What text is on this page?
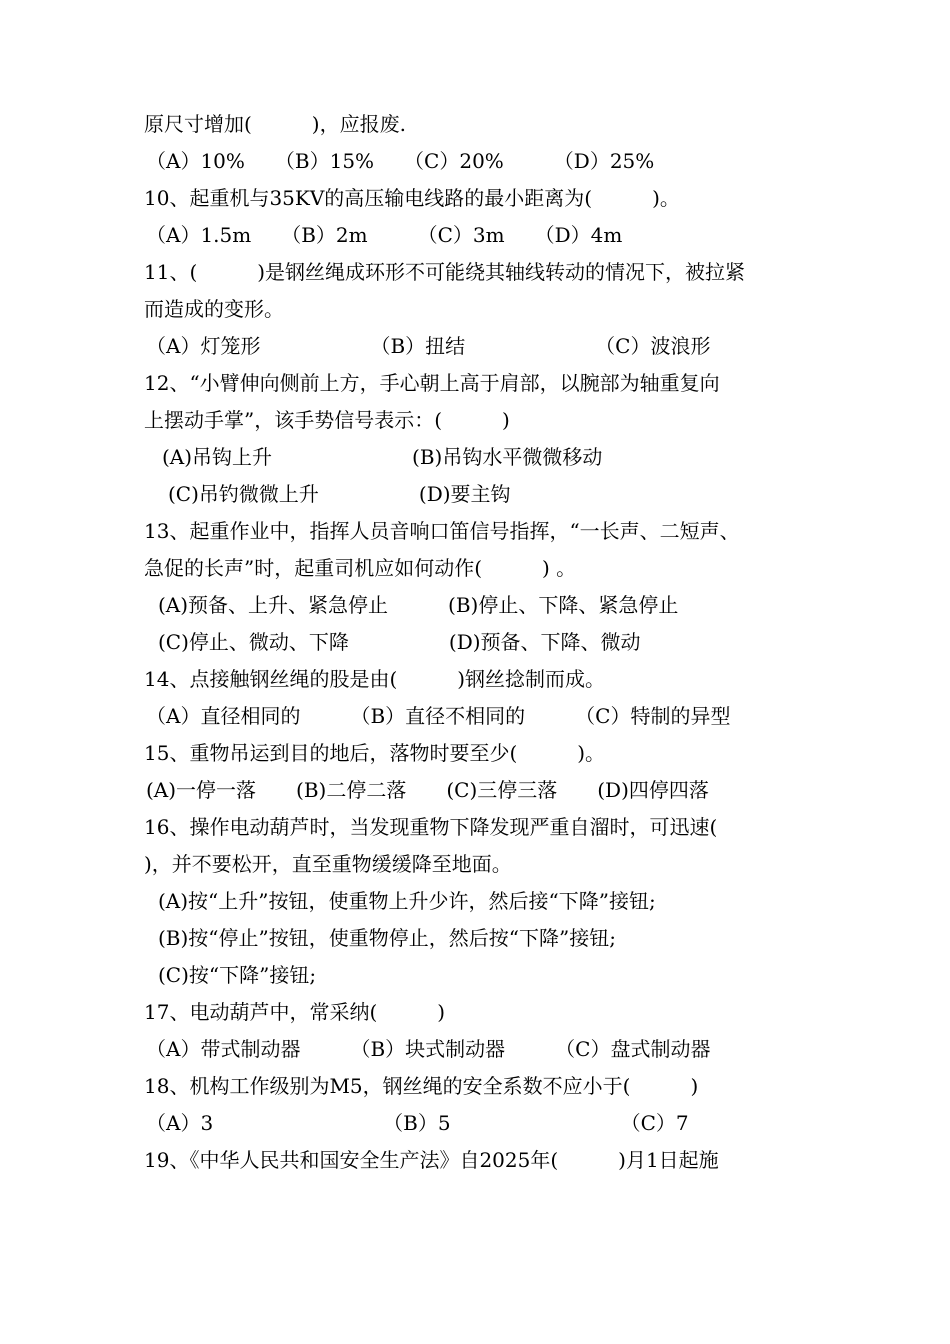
原尺寸增加(　　　)，应报废.
（A）10%　　（B）15%　　（C）20%　　　（D）25%
10、起重机与35KV的高压输电线路的最小距离为(　　　)。
（A）1.5m　　（B）2m　　　（C）3m　　（D）4m
11、(　　　)是钢丝绳成环形不可能绕其轴线转动的情况下，被拉紧
而造成的变形。
（A）灯笼形　　　　　　（B）扭结　　　　　　　（C）波浪形
12、“小臂伸向侧前上方，手心朝上高于肩部，以腕部为轴重复向
上摆动手掌”，该手势信号表示：(　　　)
(A)吊钩上升　　　　　　　(B)吊钩水平微微移动
(C)吊钓微微上升　　　　　(D)要主钩
13、起重作业中，指挥人员音响口笛信号指挥，“一长声、二短声、
急促的长声”时，起重司机应如何动作(　　　) 。
(A)预备、上升、紧急停止　　　(B)停止、下降、紧急停止
(C)停止、微动、下降　　　　　(D)预备、下降、微动
14、点接触钢丝绳的股是由(　　　)钢丝捻制而成。
（A）直径相同的　　　（B）直径不相同的　　　（C）特制的异型
15、重物吊运到目的地后，落物时要至少(　　　)。
(A)一停一落　　(B)二停二落　　(C)三停三落　　(D)四停四落
16、操作电动葫芦时，当发现重物下降发现严重自溜时，可迅速(
)，并不要松开，直至重物缓缓降至地面。
(A)按“上升”按钮，使重物上升少许，然后接“下降”接钮;
(B)按“停止”按钮，使重物停止，然后按“下降”接钮;
(C)按“下降”接钮;
17、电动葫芦中，常采纳(　　　)
（A）带式制动器　　　（B）块式制动器　　　（C）盘式制动器
18、机构工作级别为M5，钢丝绳的安全系数不应小于(　　　)
（A）3　　　　　　　　　（B）5　　　　　　　　　（C）7
19、《中华人民共和国安全生产法》自2025年(　　　)月1日起施
